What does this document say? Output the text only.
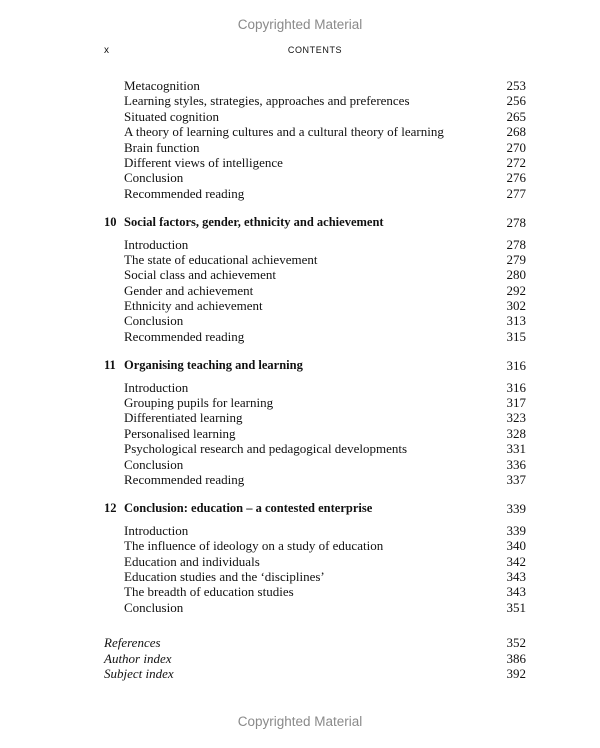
Copyrighted Material
x	CONTENTS
Metacognition	253
Learning styles, strategies, approaches and preferences	256
Situated cognition	265
A theory of learning cultures and a cultural theory of learning	268
Brain function	270
Different views of intelligence	272
Conclusion	276
Recommended reading	277
10 Social factors, gender, ethnicity and achievement	278
Introduction	278
The state of educational achievement	279
Social class and achievement	280
Gender and achievement	292
Ethnicity and achievement	302
Conclusion	313
Recommended reading	315
11 Organising teaching and learning	316
Introduction	316
Grouping pupils for learning	317
Differentiated learning	323
Personalised learning	328
Psychological research and pedagogical developments	331
Conclusion	336
Recommended reading	337
12 Conclusion: education – a contested enterprise	339
Introduction	339
The influence of ideology on a study of education	340
Education and individuals	342
Education studies and the ‘disciplines’	343
The breadth of education studies	343
Conclusion	351
References	352
Author index	386
Subject index	392
Copyrighted Material
